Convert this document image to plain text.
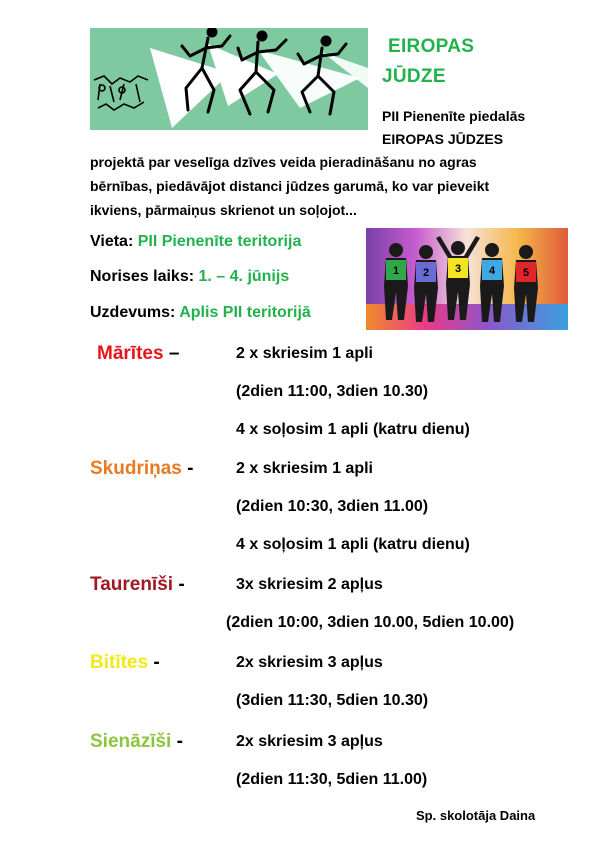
EIROPAS
JŪDZE
PII Pienenīte piedalās
EIROPAS JŪDZES
projektā par veselīga dzīves veida pieradināšanu no agras
bērnības, piedāvājot distanci jūdzes garumā, ko var pieveikt
ikviens, pārmaiņus skrienot un soļojot...
Vieta: PII Pienenīte teritorija
Norises laiks: 1. – 4. jūnijs
Uzdevums: Aplis PII teritorijā
1 2 3	4	5
Mārītes –	2 x skriesim 1 apli
(2dien 11:00, 3dien 10.30)
4 x soļosim 1 apli (katru dienu)
Skudriņas -	2 x skriesim 1 apli
(2dien 10:30, 3dien 11.00)
4 x soļosim 1 apli (katru dienu)
Taurenīši -	3x skriesim 2 apļus
(2dien 10:00, 3dien 10.00, 5dien 10.00)
Bitītes -	2x skriesim 3 apļus
(3dien 11:30, 5dien 10.30)
Sienāzīši -	2x skriesim 3 apļus
(2dien 11:30, 5dien 11.00)
Sp. skolotāja Daina
